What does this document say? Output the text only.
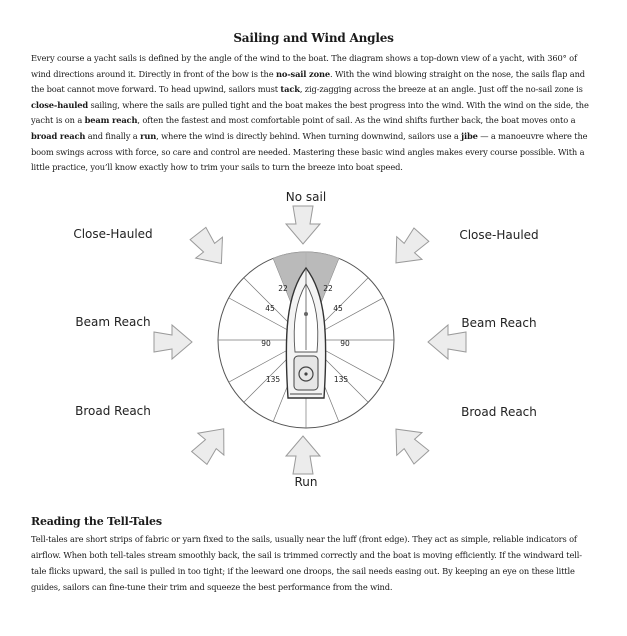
Sailing and Wind Angles

Every course a yacht sails is defined by the angle of the wind to the boat. The diagram shows a top-down view of a yacht, with 360° of wind directions around it. Directly in front of the bow is the no-sail zone. With the wind blowing straight on the nose, the sails flap and the boat cannot move forward. To head upwind, sailors must tack, zig-zagging across the breeze at an angle. Just off the no-sail zone is close-hauled sailing, where the sails are pulled tight and the boat makes the best progress into the wind. With the wind on the side, the yacht is on a beam reach, often the fastest and most comfortable point of sail. As the wind shifts further back, the boat moves onto a broad reach and finally a run, where the wind is directly behind. When turning downwind, sailors use a jibe — a manoeuvre where the boom swings across with force, so care and control are needed. Mastering these basic wind angles makes every course possible. With a little practice, you’ll know exactly how to trim your sails to turn the breeze into boat speed.

22	22
45	45
90	90
135	135
No sail
Close-Hauled	Close-Hauled
Beam Reach	Beam Reach
Broad Reach	Broad Reach
Run
Reading the Tell-Tales

Tell-tales are short strips of fabric or yarn fixed to the sails, usually near the luff (front edge). They act as simple, reliable indicators of airflow. When both tell-tales stream smoothly back, the sail is trimmed correctly and the boat is moving efficiently. If the windward tell-tale flicks upward, the sail is pulled in too tight; if the leeward one droops, the sail needs easing out. By keeping an eye on these little guides, sailors can fine-tune their trim and squeeze the best performance from the wind.
